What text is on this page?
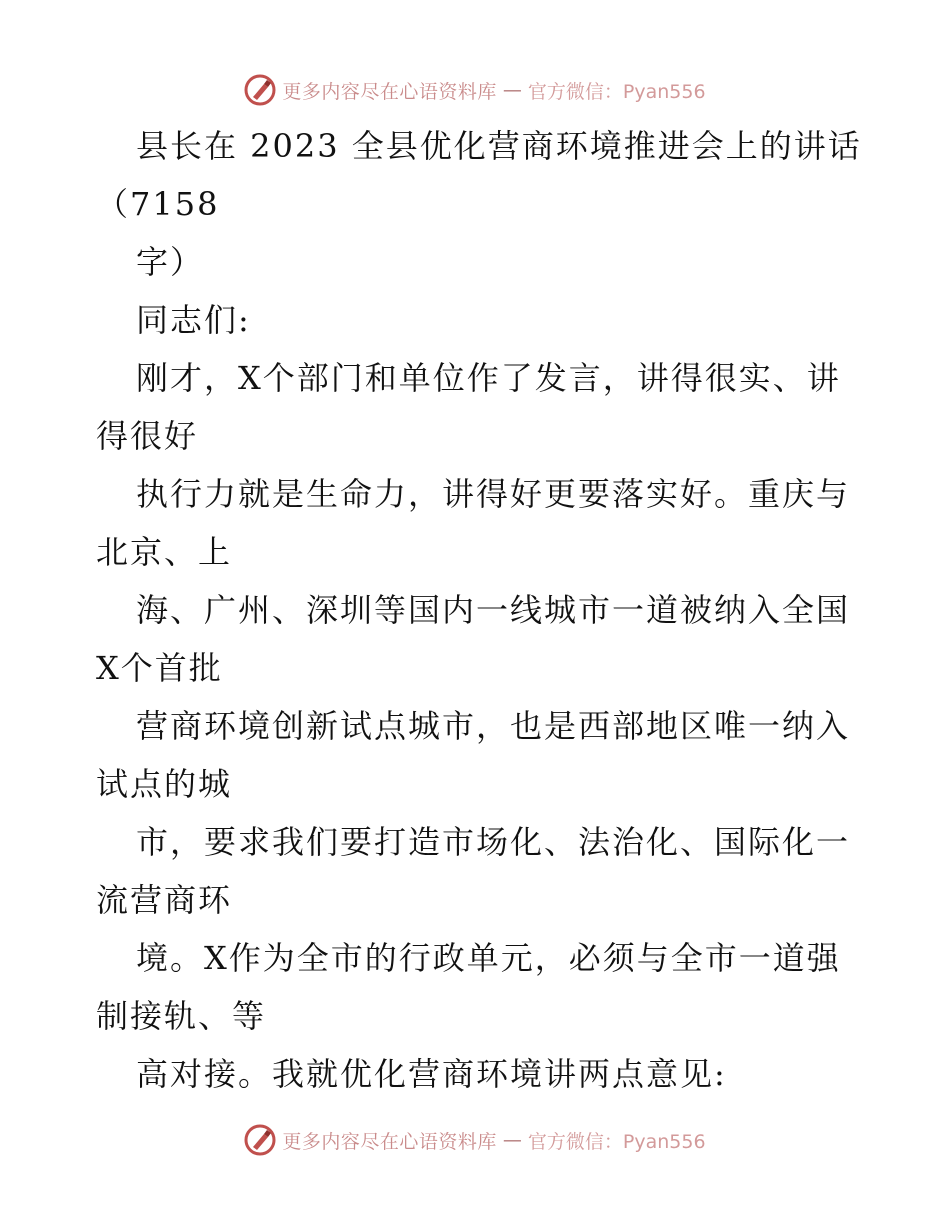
更多内容尽在心语资料库 — 官方微信：Pyan556
县长在 2023 全县优化营商环境推进会上的讲话
（7158
字）
同志们:
刚才，X个部门和单位作了发言，讲得很实、讲
得很好
执行力就是生命力，讲得好更要落实好。重庆与
北京、上
海、广州、深圳等国内一线城市一道被纳入全国
X个首批
营商环境创新试点城市，也是西部地区唯一纳入
试点的城
市，要求我们要打造市场化、法治化、国际化一
流营商环
境。X作为全市的行政单元，必须与全市一道强
制接轨、等
高对接。我就优化营商环境讲两点意见:
更多内容尽在心语资料库 — 官方微信：Pyan556
